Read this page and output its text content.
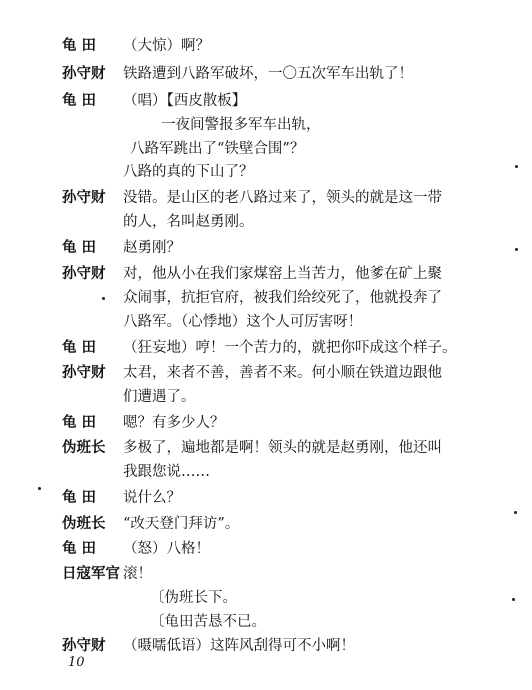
龟 田 （大惊）啊？
孙守财 铁路遭到八路军破坏，一〇五次军车出轨了！
龟 田 （唱）【西皮散板】
一夜间警报多军车出轨，
八路军跳出了“铁壁合围”？
八路的真的下山了？
孙守财 没错。是山区的老八路过来了，领头的就是这一带
的人，名叫赵勇刚。
龟 田 赵勇刚？
孙守财 对，他从小在我们家煤窑上当苦力，他爹在矿上聚
众闹事，抗拒官府，被我们给绞死了，他就投奔了
八路军。（心悸地）这个人可厉害呀！
龟 田 （狂妄地）哼！一个苦力的，就把你吓成这个样子。
孙守财 太君，来者不善，善者不来。何小顺在铁道边跟他
们遭遇了。
龟 田 嗯？有多少人？
伪班长 多极了，遍地都是啊！领头的就是赵勇刚，他还叫
我跟您说……
龟 田 说什么？
伪班长 “改天登门拜访”。
龟 田 （怒）八格！
日寇军官 滚！
〔伪班长下。
〔龟田苦恳不已。
孙守财 （嗫嚅低语）这阵风刮得可不小啊！
10
